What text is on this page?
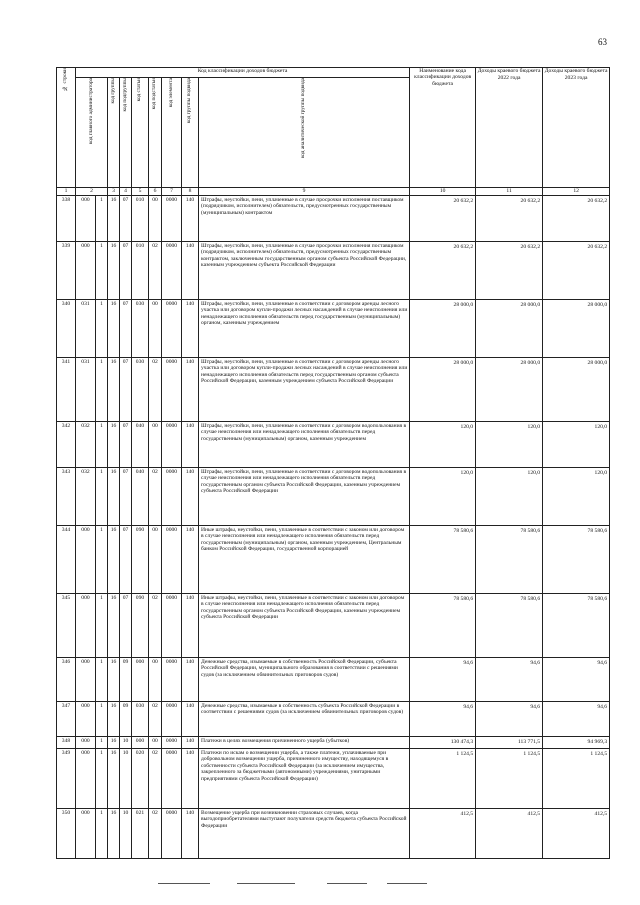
63
№ строки	Код классификации доходов бюджета									Наименование кода классификации доходов бюджета	Доходы краевого бюджета 2022 года	Доходы краевого бюджета 2023 года	

	код главного администратора		код группы	код подгруппы	код статьи	код подстатьи	код элемента	код группы подвида	код аналитической группы подвида				

1	2		3	4	5	6	7	8	9	10	11	12	
338	000	1	16	07	010	00	0000	140	Штрафы, неустойки, пени, уплаченные в случае просрочки исполнения поставщиком (подрядчиком, исполнителем) обязательств, предусмотренных государственным (муниципальным) контрактом	20 632,2	20 632,2	20 632,2	
339	000	1	16	07	010	02	0000	140	Штрафы, неустойки, пени, уплаченные в случае просрочки исполнения поставщиком (подрядчиком, исполнителем) обязательств, предусмотренных государственным контрактом, заключенным государственным органом субъекта Российской Федерации, казенным учреждением субъекта Российской Федерации	20 632,2	20 632,2	20 632,2	
340	031	1	16	07	030	00	0000	140	Штрафы, неустойки, пени, уплаченные в соответствии с договором аренды лесного участка или договором купли-продажи лесных насаждений в случае неисполнения или ненадлежащего исполнения обязательств перед государственным (муниципальным) органом, казенным учреждением	28 000,0	28 000,0	28 000,0	
341	031	1	16	07	030	02	0000	140	Штрафы, неустойки, пени, уплаченные в соответствии с договором аренды лесного участка или договором купли-продажи лесных насаждений в случае неисполнения или ненадлежащего исполнения обязательств перед государственным органом субъекта Российской Федерации, казенным учреждением субъекта Российской Федерации	28 000,0	28 000,0	28 000,0	
342	032	1	16	07	040	00	0000	140	Штрафы, неустойки, пени, уплаченные в соответствии с договором водопользования в случае неисполнения или ненадлежащего исполнения обязательств перед государственным (муниципальным) органом, казенным учреждением	120,0	120,0	120,0	
343	032	1	16	07	040	02	0000	140	Штрафы, неустойки, пени, уплаченные в соответствии с договором водопользования в случае неисполнения или ненадлежащего исполнения обязательств перед государственным органом субъекта Российской Федерации, казенным учреждением субъекта Российской Федерации	120,0	120,0	120,0	
344	000	1	16	07	090	00	0000	140	Иные штрафы, неустойки, пени, уплаченные в соответствии с законом или договором в случае неисполнения или ненадлежащего исполнения обязательств перед государственным (муниципальным) органом, казенным учреждением, Центральным банком Российской Федерации, государственной корпорацией	78 580,6	78 580,6	78 580,6	
345	000	1	16	07	090	02	0000	140	Иные штрафы, неустойки, пени, уплаченные в соответствии с законом или договором в случае неисполнения или ненадлежащего исполнения обязательств перед государственным органом субъекта Российской Федерации, казенным учреждением субъекта Российской Федерации	78 580,6	78 580,6	78 580,6	
346	000	1	16	09	000	00	0000	140	Денежные средства, изымаемые в собственность Российской Федерации, субъекта Российской Федерации, муниципального образования в соответствии с решениями судов (за исключением обвинительных приговоров судов)	94,6	94,6	94,6	
347	000	1	16	09	030	02	0000	140	Денежные средства, изымаемые в собственность субъекта Российской Федерации в соответствии с решениями судов (за исключением обвинительных приговоров судов)	94,6	94,6	94,6	
348	000	1	16	10	000	00	0000	140	Платежи в целях возмещения причиненного ущерба (убытков)	130 474,3	113 771,5	94 969,3	
349	000	1	16	10	020	02	0000	140	Платежи по искам о возмещении ущерба, а также платежи, уплачиваемые при добровольном возмещении ущерба, причиненного имуществу, находящемуся в собственности субъекта Российской Федерации (за исключением имущества, закрепленного за бюджетными (автономными) учреждениями, унитарными предприятиями субъекта Российской Федерации)	1 124,5	1 124,5	1 124,5	
350	000	1	16	10	021	02	0000	140	Возмещение ущерба при возникновении страховых случаев, когда выгодоприобретателями выступают получатели средств бюджета субъекта Российской Федерации	412,5	412,5	412,5	
